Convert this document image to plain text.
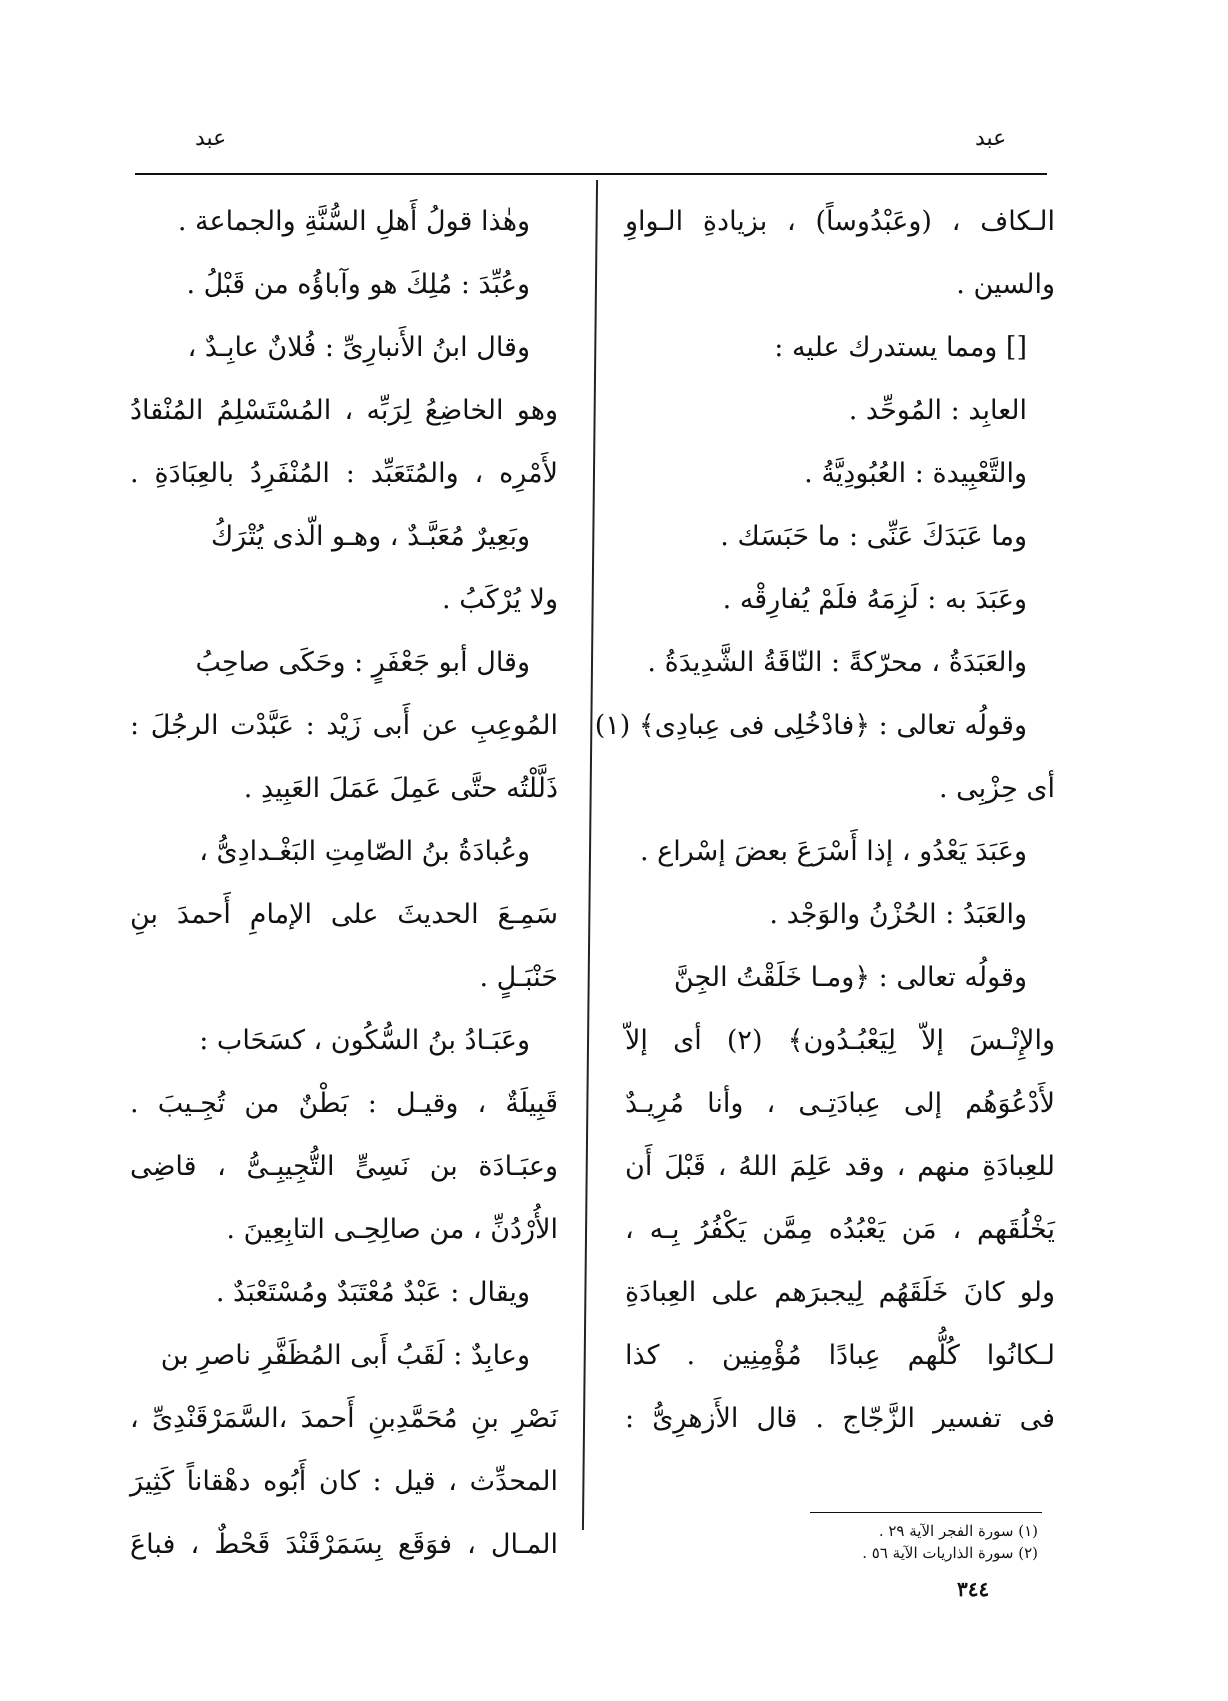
عبد
عبد
الـكاف ، (وعَبْدُوساً) ، بزيادةِ الـواوِ
والسين .
[] ومما يستدرك عليه :
العابِد : المُوحِّد .
والتَّعْبِيدة : العُبُودِيَّةُ .
وما عَبَدَكَ عَنِّى : ما حَبَسَك .
وعَبَدَ به : لَزِمَهُ فلَمْ يُفارِقْه .
والعَبَدَةُ ، محرّكةً : النّاقَةُ الشَّدِيدَةُ .
وقولُه تعالى : ﴿فادْخُلِى فى عِبادِى﴾ (١)
أى حِزْبِى .
وعَبَدَ يَعْدُو ، إذا أَسْرَعَ بعضَ إسْراع .
والعَبَدُ : الحُزْنُ والوَجْد .
وقولُه تعالى : ﴿ومـا خَلَقْتُ الجِنَّ
والإِنْـسَ إلاّ لِيَعْبُـدُون﴾ (٢) أى إلاّ
لأَدْعُوَهُم إلى عِبادَتِـى ، وأنا مُرِيـدٌ
للعِبادَةِ منهم ، وقد عَلِمَ اللهُ ، قَبْلَ أَن
يَخْلُقَهم ، مَن يَعْبُدُه مِمَّن يَكْفُرُ بِـه ،
ولو كانَ خَلَقَهُم لِيجبرَهم على العِبادَةِ
لـكانُوا كُلُّهم عِبادًا مُؤْمِنِين . كذا
فى تفسير الزَّجّاج . قال الأَزهرِىُّ :
وهٰذا قولُ أَهلِ السُّنَّةِ والجماعة .
وعُبِّدَ : مُلِكَ هو وآباؤُه من قَبْلُ .
وقال ابنُ الأَنبارِىِّ : فُلانٌ عابِـدٌ ،
وهو الخاضِعُ لِرَبِّه ، المُسْتَسْلِمُ المُنْقادُ
لأَمْرِه ، والمُتَعَبِّد : المُنْفَرِدُ بالعِبَادَةِ .
وبَعِيرٌ مُعَبَّـدٌ ، وهـو الّذى يُتْرَكُ
ولا يُرْكَبُ .
وقال أبو جَعْفَرٍ : وحَكَى صاحِبُ
المُوعِبِ عن أَبى زَيْد : عَبَّدْت الرجُلَ :
ذَلَّلْتُه حتَّى عَمِلَ عَمَلَ العَبِيدِ .
وعُبادَةُ بنُ الصّامِتِ البَغْـدادِىُّ ،
سَمِـعَ الحديثَ على الإمامِ أَحمدَ بنِ
حَنْبَـلٍ .
وعَبَـادُ بنُ السُّكُون ، كسَحَاب :
قَبِيلَةٌ ، وقيـل : بَطْنٌ من تُجِـيبَ .
وعبَـادَة بن نَسِىٍّ التُّجِيبِـىُّ ، قاضِى
الأُرْدُنِّ ، من صالِحِـى التابِعِينَ .
ويقال : عَبْدٌ مُعْتَبَدٌ ومُسْتَعْبَدٌ .
وعابِدٌ : لَقَبُ أَبى المُظَفَّرِ ناصرِ بن
نَصْرِ بنِ مُحَمَّدِبنِ أَحمدَ ،السَّمَرْقَنْدِىِّ ،
المحدِّث ، قيل : كان أَبُوه دهْقاناً كَثِيرَ
المـال ، فوَقَع بِسَمَرْقَنْدَ قَحْطٌ ، فباعَ	(١) سورة الفجر الآية ٢٩ .
(٢) سورة الذاريات الآية ٥٦ .
٣٤٤
